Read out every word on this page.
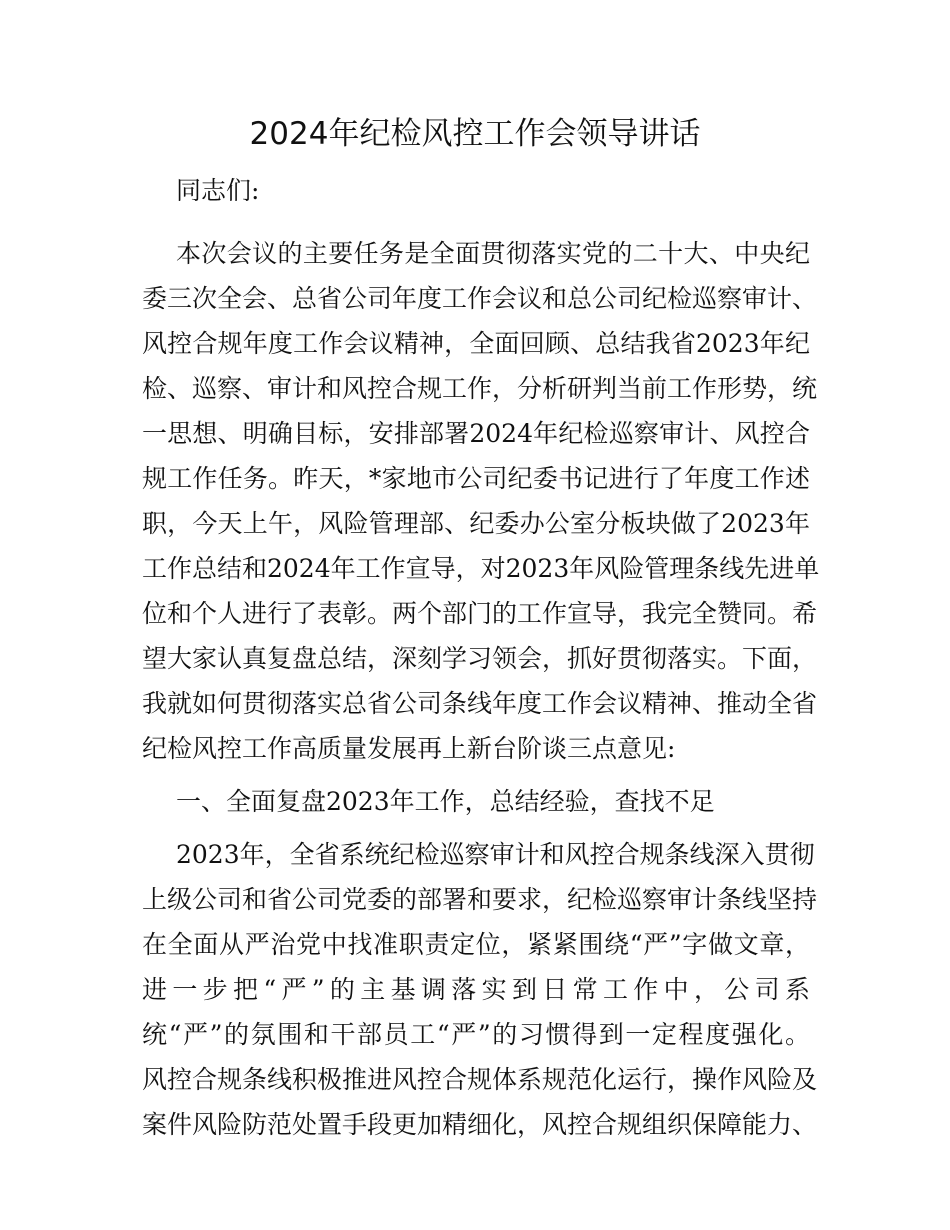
2024年纪检风控工作会领导讲话
同志们:
本次会议的主要任务是全面贯彻落实党的二十大、中央纪
委三次全会、总省公司年度工作会议和总公司纪检巡察审计、
风控合规年度工作会议精神，全面回顾、总结我省2023年纪
检、巡察、审计和风控合规工作，分析研判当前工作形势，统
一思想、明确目标，安排部署2024年纪检巡察审计、风控合
规工作任务。昨天，*家地市公司纪委书记进行了年度工作述
职，今天上午，风险管理部、纪委办公室分板块做了2023年
工作总结和2024年工作宣导，对2023年风险管理条线先进单
位和个人进行了表彰。两个部门的工作宣导，我完全赞同。希
望大家认真复盘总结，深刻学习领会，抓好贯彻落实。下面，
我就如何贯彻落实总省公司条线年度工作会议精神、推动全省
纪检风控工作高质量发展再上新台阶谈三点意见:
一、全面复盘2023年工作，总结经验，查找不足
2023年，全省系统纪检巡察审计和风控合规条线深入贯彻
上级公司和省公司党委的部署和要求，纪检巡察审计条线坚持
在全面从严治党中找准职责定位，紧紧围绕“严”字做文章，
进一步把“严”的主基调落实到日常工作中，公司系
统“严”的氛围和干部员工“严”的习惯得到一定程度强化。
风控合规条线积极推进风控合规体系规范化运行，操作风险及
案件风险防范处置手段更加精细化，风控合规组织保障能力、
